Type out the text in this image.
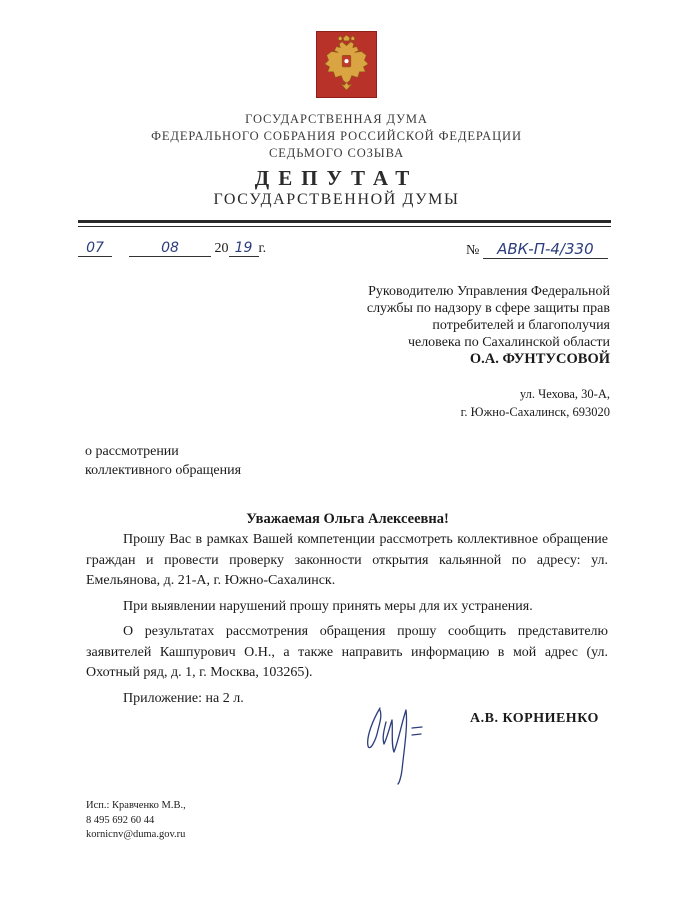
ГОСУДАРСТВЕННАЯ ДУМА
ФЕДЕРАЛЬНОГО СОБРАНИЯ РОССИЙСКОЙ ФЕДЕРАЦИИ
СЕДЬМОГО СОЗЫВА
ДЕПУТАТ
ГОСУДАРСТВЕННОЙ ДУМЫ
07	08	20 19 г.	№ АВК-П-4/330
Руководителю Управления Федеральной
службы по надзору в сфере защиты прав
потребителей и благополучия
человека по Сахалинской области
О.А. ФУНТУСОВОЙ
ул. Чехова, 30-А,
г. Южно-Сахалинск, 693020
о рассмотрении
коллективного обращения
Уважаемая Ольга Алексеевна!

Прошу Вас в рамках Вашей компетенции рассмотреть коллективное обращение граждан и провести проверку законности открытия кальянной по адресу: ул. Емельянова, д. 21-А, г. Южно-Сахалинск.

При выявлении нарушений прошу принять меры для их устранения.

О результатах рассмотрения обращения прошу сообщить представителю заявителей Кашпурович О.Н., а также направить информацию в мой адрес (ул. Охотный ряд, д. 1, г. Москва, 103265).

Приложение: на 2 л.

А.В. КОРНИЕНКО
Исп.: Кравченко М.В.,
8 495 692 60 44
kornicnv@duma.gov.ru
